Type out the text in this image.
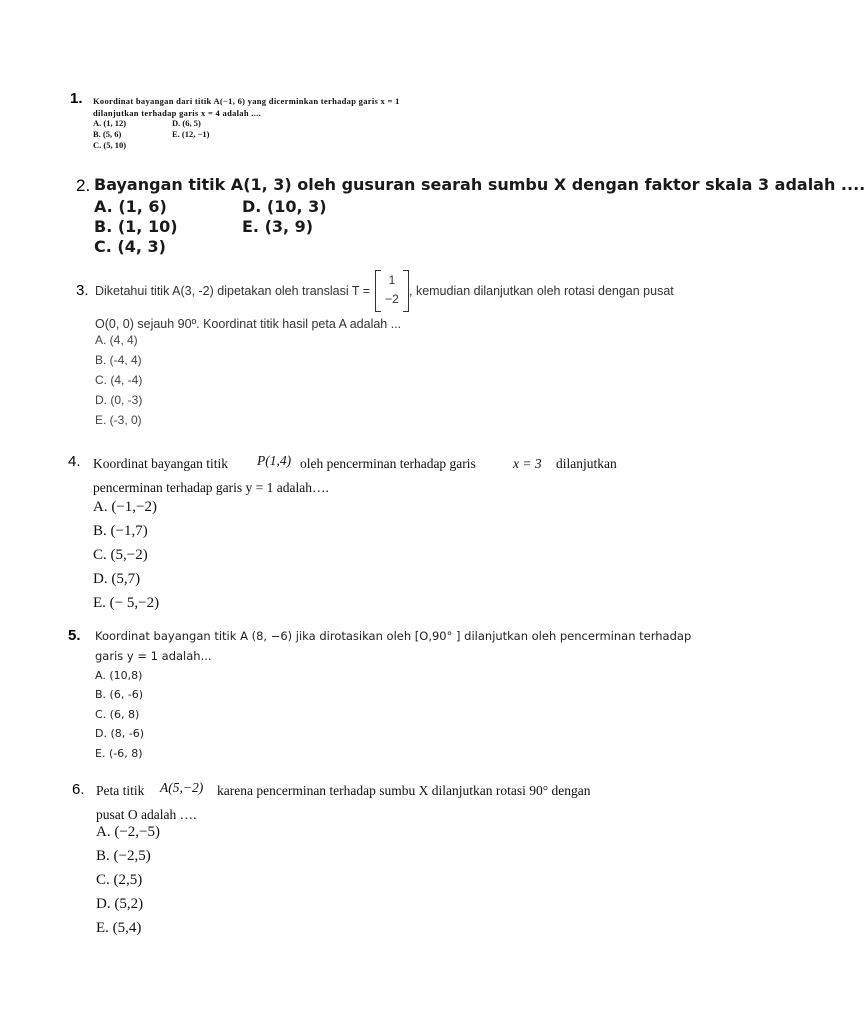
1. Koordinat bayangan dari titik A(−1, 6) yang dicerminkan terhadap garis x = 1
dilanjutkan terhadap garis x = 4 adalah ....
A. (1, 12)
B. (5, 6)
C. (5, 10)
D. (6, 5)
E. (12, −1)
2. Bayangan titik A(1, 3) oleh gusuran searah sumbu X dengan faktor skala 3 adalah ....
A. (1, 6)
B. (1, 10)
C. (4, 3)
D. (10, 3)
E. (3, 9)
3. Diketahui titik A(3, -2) dipetakan oleh translasi T =
1
−2
, kemudian dilanjutkan oleh rotasi dengan pusat
O(0, 0) sejauh 90º. Koordinat titik hasil peta A adalah ...
A. (4, 4)
B. (-4, 4)
C. (4, -4)
D. (0, -3)
E. (-3, 0)
4. Koordinat bayangan titik P(1,4) oleh pencerminan terhadap garis	x = 3 dilanjutkan
pencerminan terhadap garis y = 1 adalah….
A. (−1,−2)
B. (−1,7)
C. (5,−2)
D. (5,7)
E. (− 5,−2)
5. Koordinat bayangan titik A (8, −6) jika dirotasikan oleh [O,90° ] dilanjutkan oleh pencerminan terhadap
garis y = 1 adalah...
A. (10,8)
B. (6, -6)
C. (6, 8)
D. (8, -6)
E. (-6, 8)
6. Peta titik A(5,−2) karena pencerminan terhadap sumbu X dilanjutkan rotasi 90° dengan
pusat O adalah ….
A. (−2,−5)
B. (−2,5)
C. (2,5)
D. (5,2)
E. (5,4)
